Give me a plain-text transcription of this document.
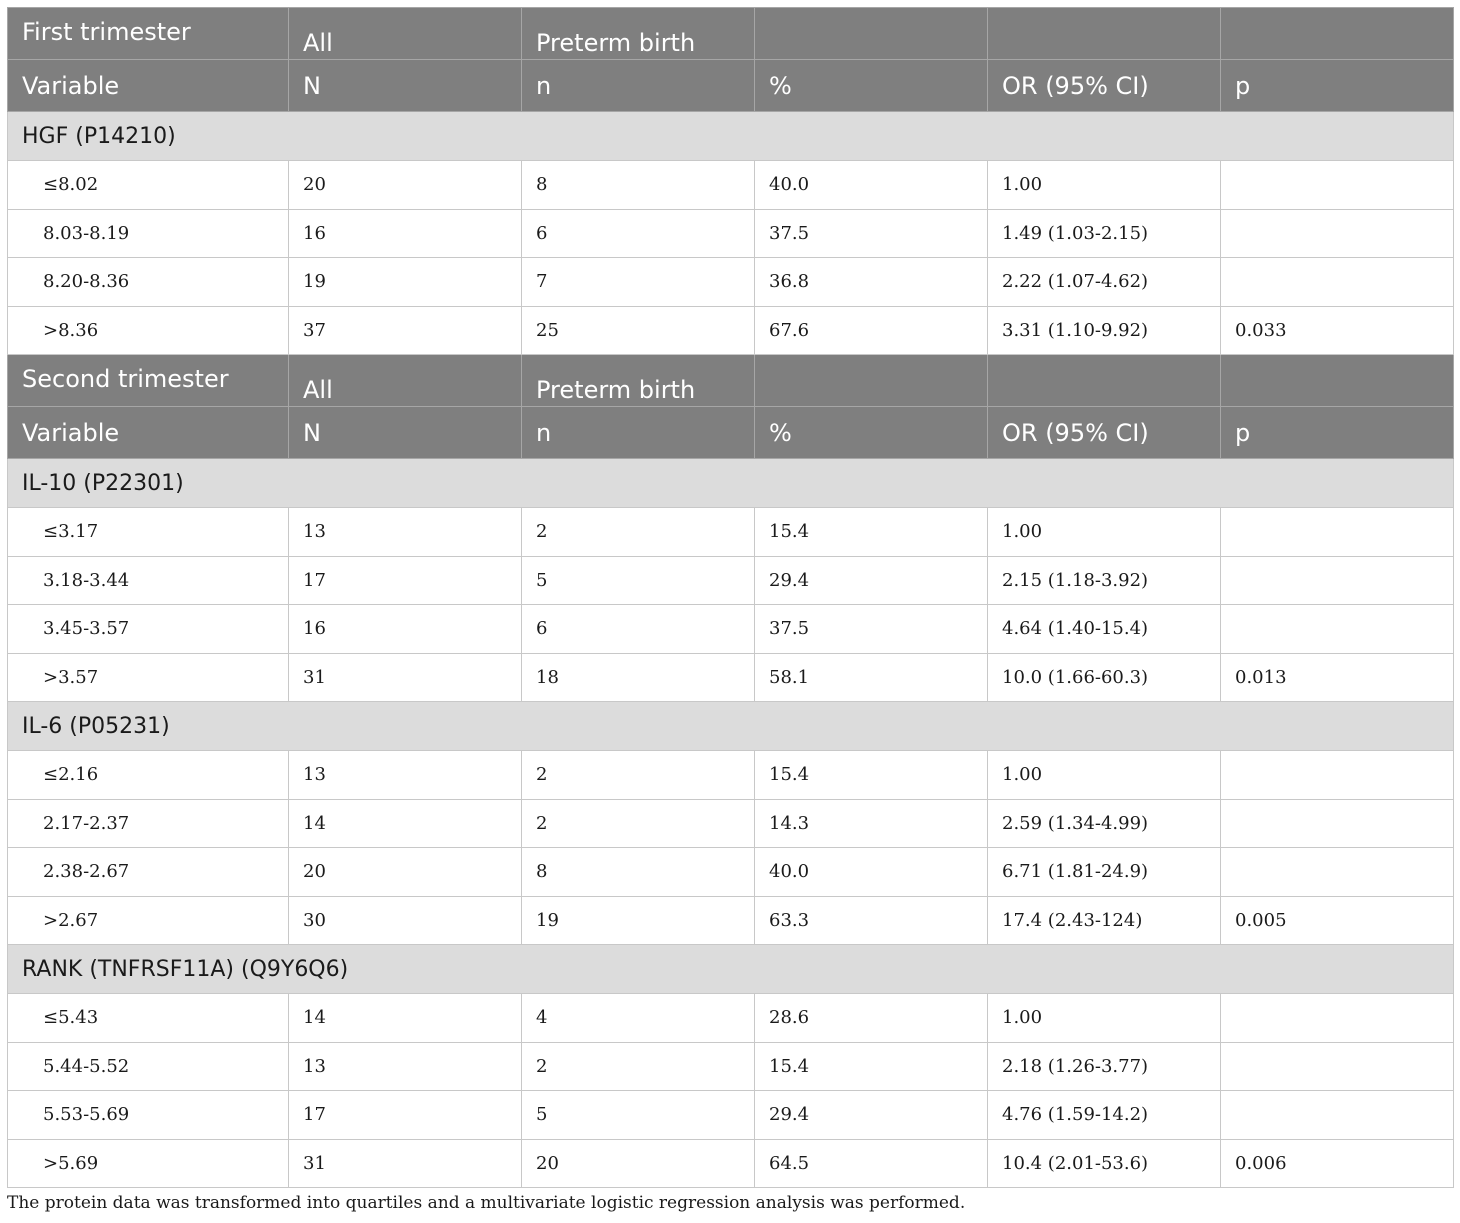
First trimester	All	Preterm birth			
Variable	N	n	%	OR (95% CI)	p
HGF (P14210)					
≤8.02	20	8	40.0	1.00	
8.03-8.19	16	6	37.5	1.49 (1.03-2.15)	
8.20-8.36	19	7	36.8	2.22 (1.07-4.62)	
>8.36	37	25	67.6	3.31 (1.10-9.92)	0.033
Second trimester	All	Preterm birth			
Variable	N	n	%	OR (95% CI)	p
IL-10 (P22301)					
≤3.17	13	2	15.4	1.00	
3.18-3.44	17	5	29.4	2.15 (1.18-3.92)	
3.45-3.57	16	6	37.5	4.64 (1.40-15.4)	
>3.57	31	18	58.1	10.0 (1.66-60.3)	0.013
IL-6 (P05231)					
≤2.16	13	2	15.4	1.00	
2.17-2.37	14	2	14.3	2.59 (1.34-4.99)	
2.38-2.67	20	8	40.0	6.71 (1.81-24.9)	
>2.67	30	19	63.3	17.4 (2.43-124)	0.005
RANK (TNFRSF11A) (Q9Y6Q6)					
≤5.43	14	4	28.6	1.00	
5.44-5.52	13	2	15.4	2.18 (1.26-3.77)	
5.53-5.69	17	5	29.4	4.76 (1.59-14.2)	
>5.69	31	20	64.5	10.4 (2.01-53.6)	0.006
The protein data was transformed into quartiles and a multivariate logistic regression analysis was performed.
